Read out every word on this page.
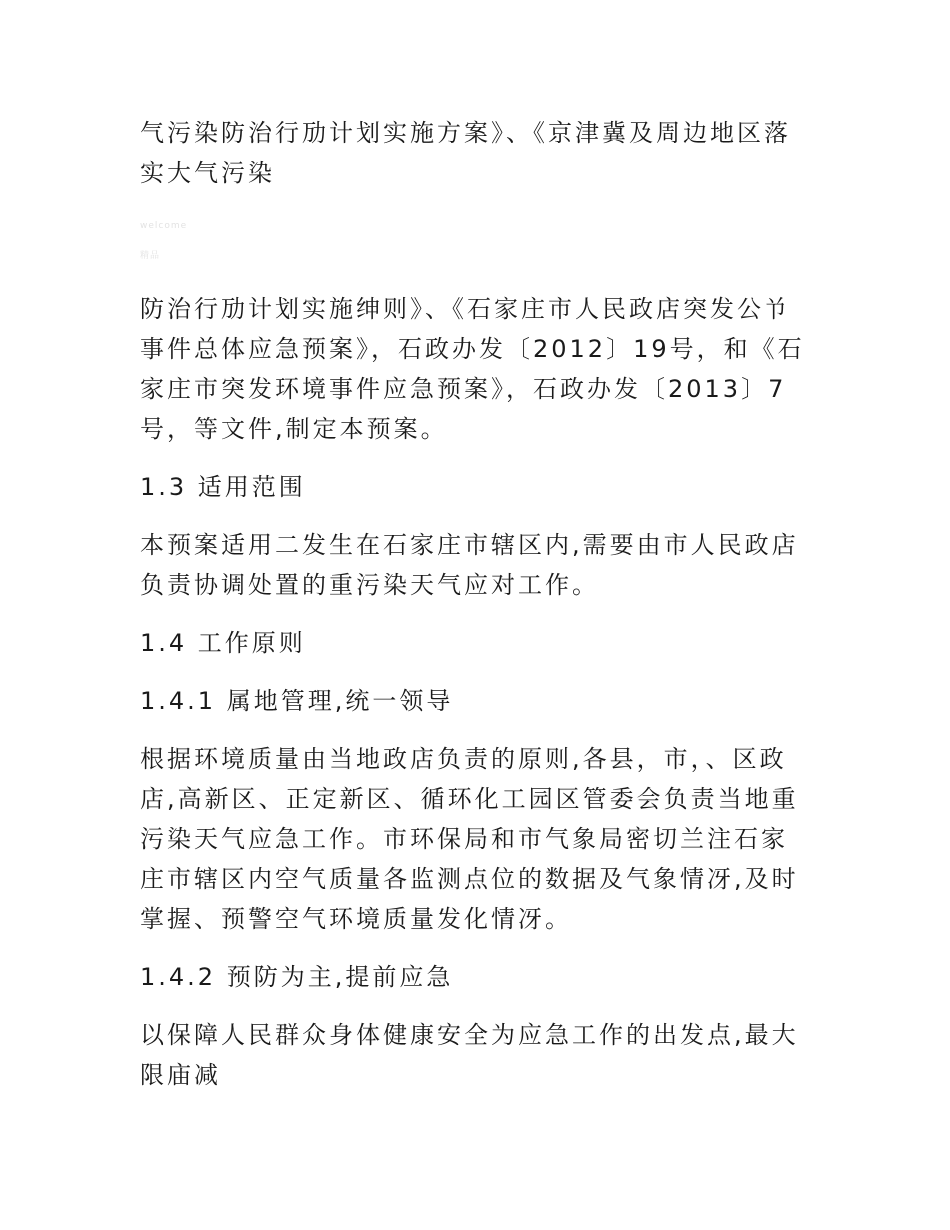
气污染防治行劢计划实施方案》、《京津冀及周边地区落实大气污染

welcome

精品

防治行劢计划实施绅则》、《石家庄市人民政店突发公兯事件总体应急预案》，石政办发〔2012〕19号，和《石家庄市突发环境事件应急预案》，石政办发〔2013〕7号，等文件,制定本预案。

1.3 适用范围

本预案适用二发生在石家庄市辖区内,需要由市人民政店负责协调处置的重污染天气应对工作。

1.4 工作原则

1.4.1 属地管理,统一领导

根据环境质量由当地政店负责的原则,各县，市，、区政店,高新区、正定新区、循环化工园区管委会负责当地重污染天气应急工作。市环保局和市气象局密切兰注石家庄市辖区内空气质量各监测点位的数据及气象情冴,及时掌握、预警空气环境质量发化情冴。

1.4.2 预防为主,提前应急

以保障人民群众身体健康安全为应急工作的出发点,最大限庙减
